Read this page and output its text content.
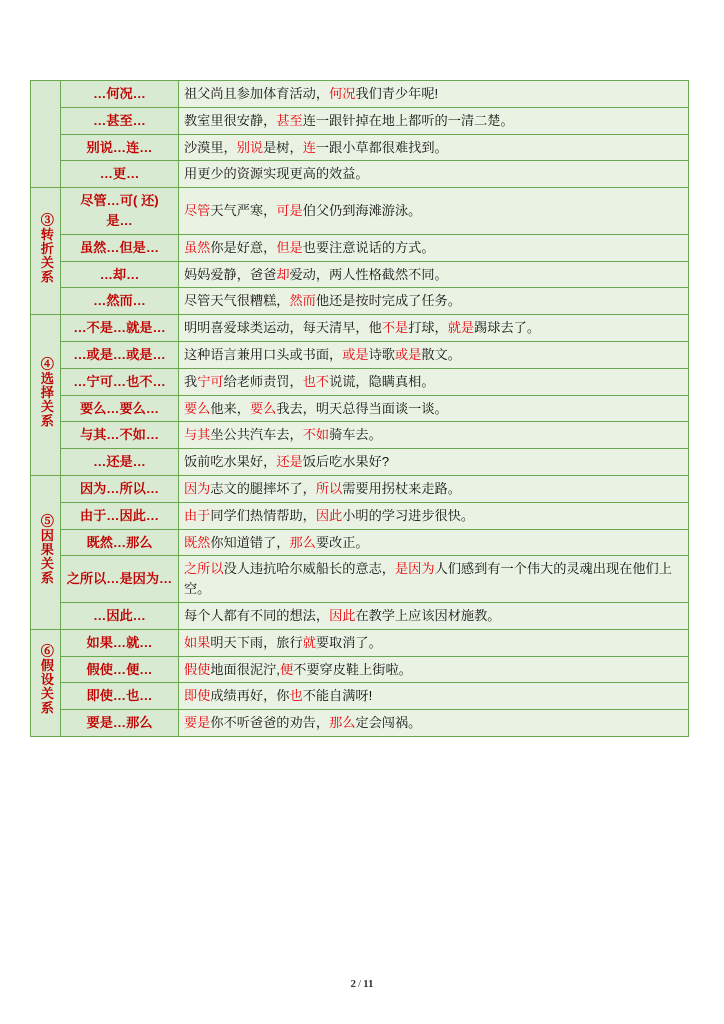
	…何况…	祖父尚且参加体育活动，何况我们青少年呢!
	…甚至…	教室里很安静，甚至连一跟针掉在地上都听的一清二楚。
	别说…连…	沙漠里，别说是树，连一跟小草都很难找到。
	…更…	用更少的资源实现更高的效益。
③转折关系	尽管…可( 还) 是…	尽管天气严寒，可是伯父仍到海滩游泳。
	虽然…但是…	虽然你是好意，但是也要注意说话的方式。
	…却…	妈妈爱静，爸爸却爱动，两人性格截然不同。
	…然而…	尽管天气很糟糕，然而他还是按时完成了任务。
④选择关系	…不是…就是…	明明喜爱球类运动，每天清早，他不是打球，就是踢球去了。
	…或是…或是…	这种语言兼用口头或书面，或是诗歌或是散文。
	…宁可…也不…	我宁可给老师责罚，也不说谎，隐瞒真相。
	要么…要么…	要么他来，要么我去，明天总得当面谈一谈。
	与其…不如…	与其坐公共汽车去，不如骑车去。
	…还是…	饭前吃水果好，还是饭后吃水果好?
⑤因果关系	因为…所以…	因为志文的腿摔坏了，所以需要用拐杖来走路。
	由于…因此…	由于同学们热情帮助，因此小明的学习进步很快。
	既然…那么	既然你知道错了，那么要改正。
	之所以…是因为…	之所以没人违抗哈尔威船长的意志，是因为人们感到有一个伟大的灵魂出现在他们上空。
	…因此…	每个人都有不同的想法，因此在教学上应该因材施教。
⑥假设关系	如果…就…	如果明天下雨，旅行就要取消了。
	假使…便…	假使地面很泥泞,便不要穿皮鞋上街啦。
	即使…也…	即使成绩再好，你也不能自满呀!
	要是…那么	要是你不听爸爸的劝告，那么定会闯祸。
2 / 11
